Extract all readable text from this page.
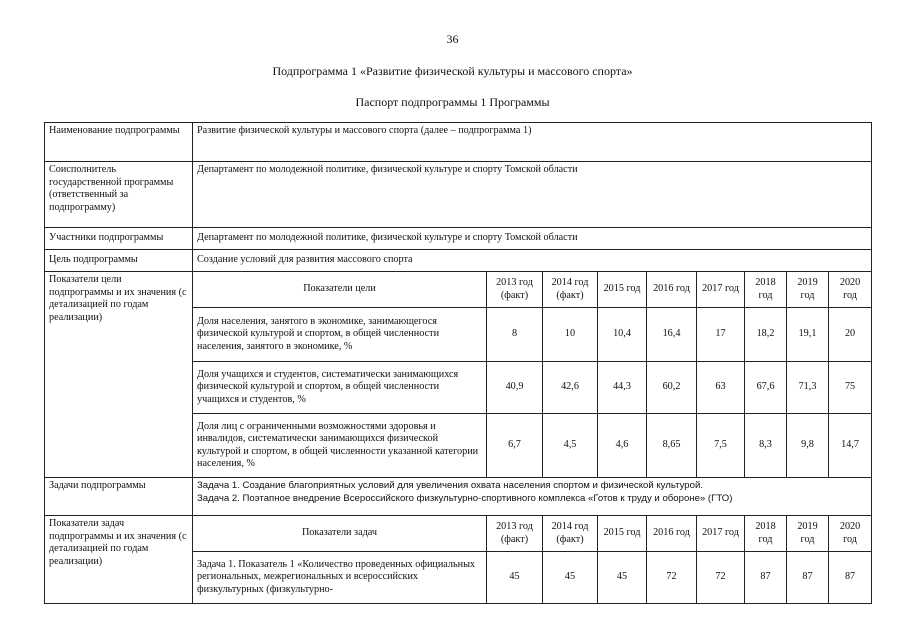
36
Подпрограмма 1 «Развитие физической культуры и массового спорта»
Паспорт подпрограммы 1 Программы
Наименование подпрограммы	Развитие физической культуры и массового спорта (далее – подпрограмма 1)								
Соисполнитель государственной программы (ответственный за подпрограмму)	Департамент по молодежной политике, физической культуре и спорту Томской области								
Участники подпрограммы	Департамент по молодежной политике, физической культуре и спорту Томской области								
Цель подпрограммы	Создание условий для развития массового спорта								
Показатели цели подпрограммы и их значения (с детализацией по годам реализации)	Показатели цели	2013 год (факт)	2014 год (факт)	2015 год	2016 год	2017 год	2018 год	2019 год	2020 год
	Доля населения, занятого в экономике, занимающегося физической культурой и спортом, в общей численности населения, занятого в экономике, %	8	10	10,4	16,4	17	18,2	19,1	20
	Доля учащихся и студентов, систематически занимающихся физической культурой и спортом, в общей численности учащихся и студентов, %	40,9	42,6	44,3	60,2	63	67,6	71,3	75
	Доля лиц с ограниченными возможностями здоровья и инвалидов, систематически занимающихся физической культурой и спортом, в общей численности указанной категории населения, %	6,7	4,5	4,6	8,65	7,5	8,3	9,8	14,7
Задачи подпрограммы	Задача 1. Создание благоприятных условий для увеличения охвата населения спортом и физической культурой.
Задача 2. Поэтапное внедрение Всероссийского физкультурно-спортивного комплекса «Готов к труду и обороне» (ГТО)								

Показатели задач подпрограммы и их значения (с детализацией по годам реализации)	Показатели задач	2013 год (факт)	2014 год (факт)	2015 год	2016 год	2017 год	2018 год	2019 год	2020 год
	Задача 1. Показатель 1 «Количество проведенных официальных региональных, межрегиональных и всероссийских физкультурных (физкультурно-	45	45	45	72	72	87	87	87
